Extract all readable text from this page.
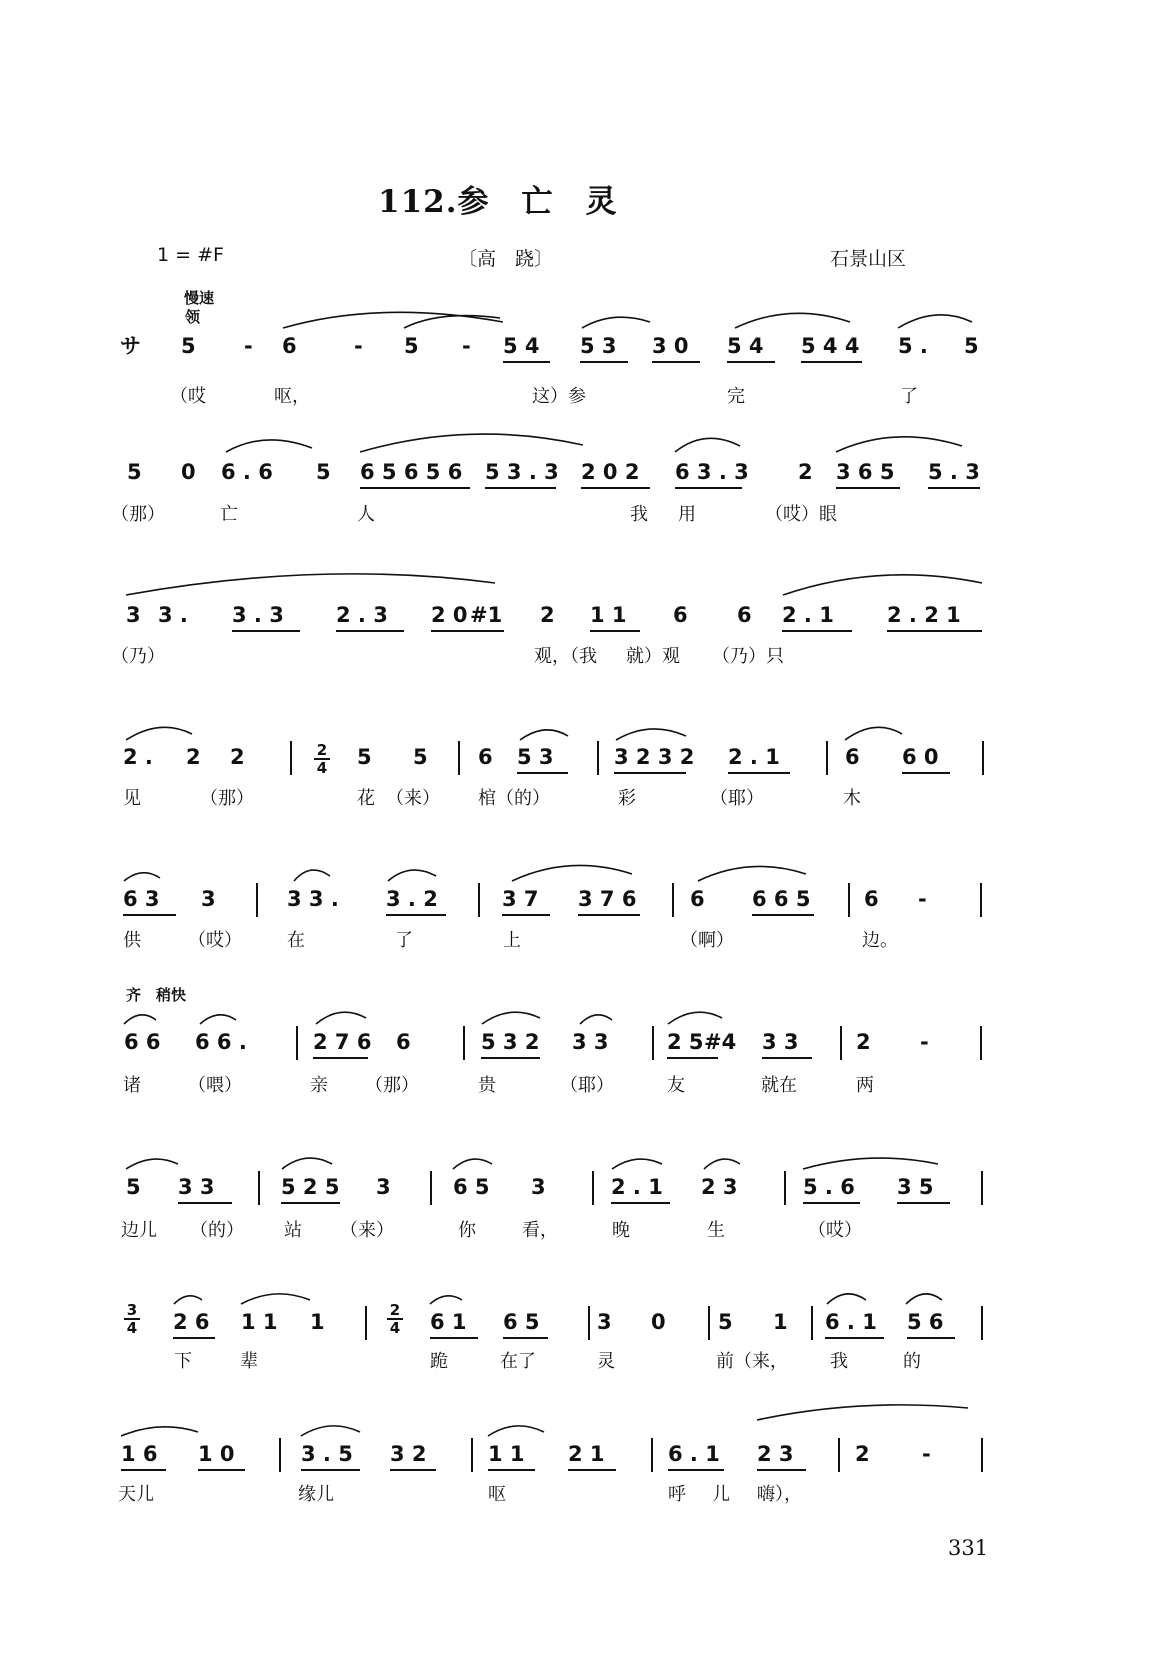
112.参　亡　灵
1 = #F	〔高　跷〕	石景山区
慢速
领
齐 稍快
サ 5 - 6	- 5 - 5 4 5 3 3 0 5 4 5 4 4 5 . 5
（哎	呕，	这）参	完	了
5 0 6 . 6 5 6 5 6 5 6 5 3 . 3 2 0 2 6 3 . 3 2 3 6 5 5 . 3
（那）	亡	人	我 用	（哎）眼
3 3 . 3 . 3 2 . 3 2 0 #1 2 1 1 6 6 2 . 1	2 . 2 1
（乃）	观，（我 就）观 （乃）只
2 . 2 2	5 5 6 5 3	3 2 3 2 2 . 1	6 6 0
见	（那）	花 （来） 棺（的）	彩	（耶）	木
6 3 3	3 3 . 3 . 2	3 7 3 7 6	6 6 6 5	6 -
供	（哎）	在	了	上	（啊）	边。
6 6 6 6 .	2 7 6 6	5 3 2 3 3	2 5 #4 3 3	2 -
诸	（喂）	亲 （那）	贵	（耶）	友	就在	两
5 3 3	5 2 5 3	6 5 3	2 . 1 2 3	5 . 6 3 5
边儿 （的） 站 （来）	你	看，	晚	生	（哎）
2 6 1 1 1	6 1 6 5	3 0 5 1 6 . 1 5 6
下	辈	跪	在了	灵	前（来， 我	的
1 6 1 0	3 . 5 3 2	1 1 2 1	6 . 1 2 3	2 -
天儿	缘儿	呕	呼 儿 嗨），
2
4
3
4
2
4
331
